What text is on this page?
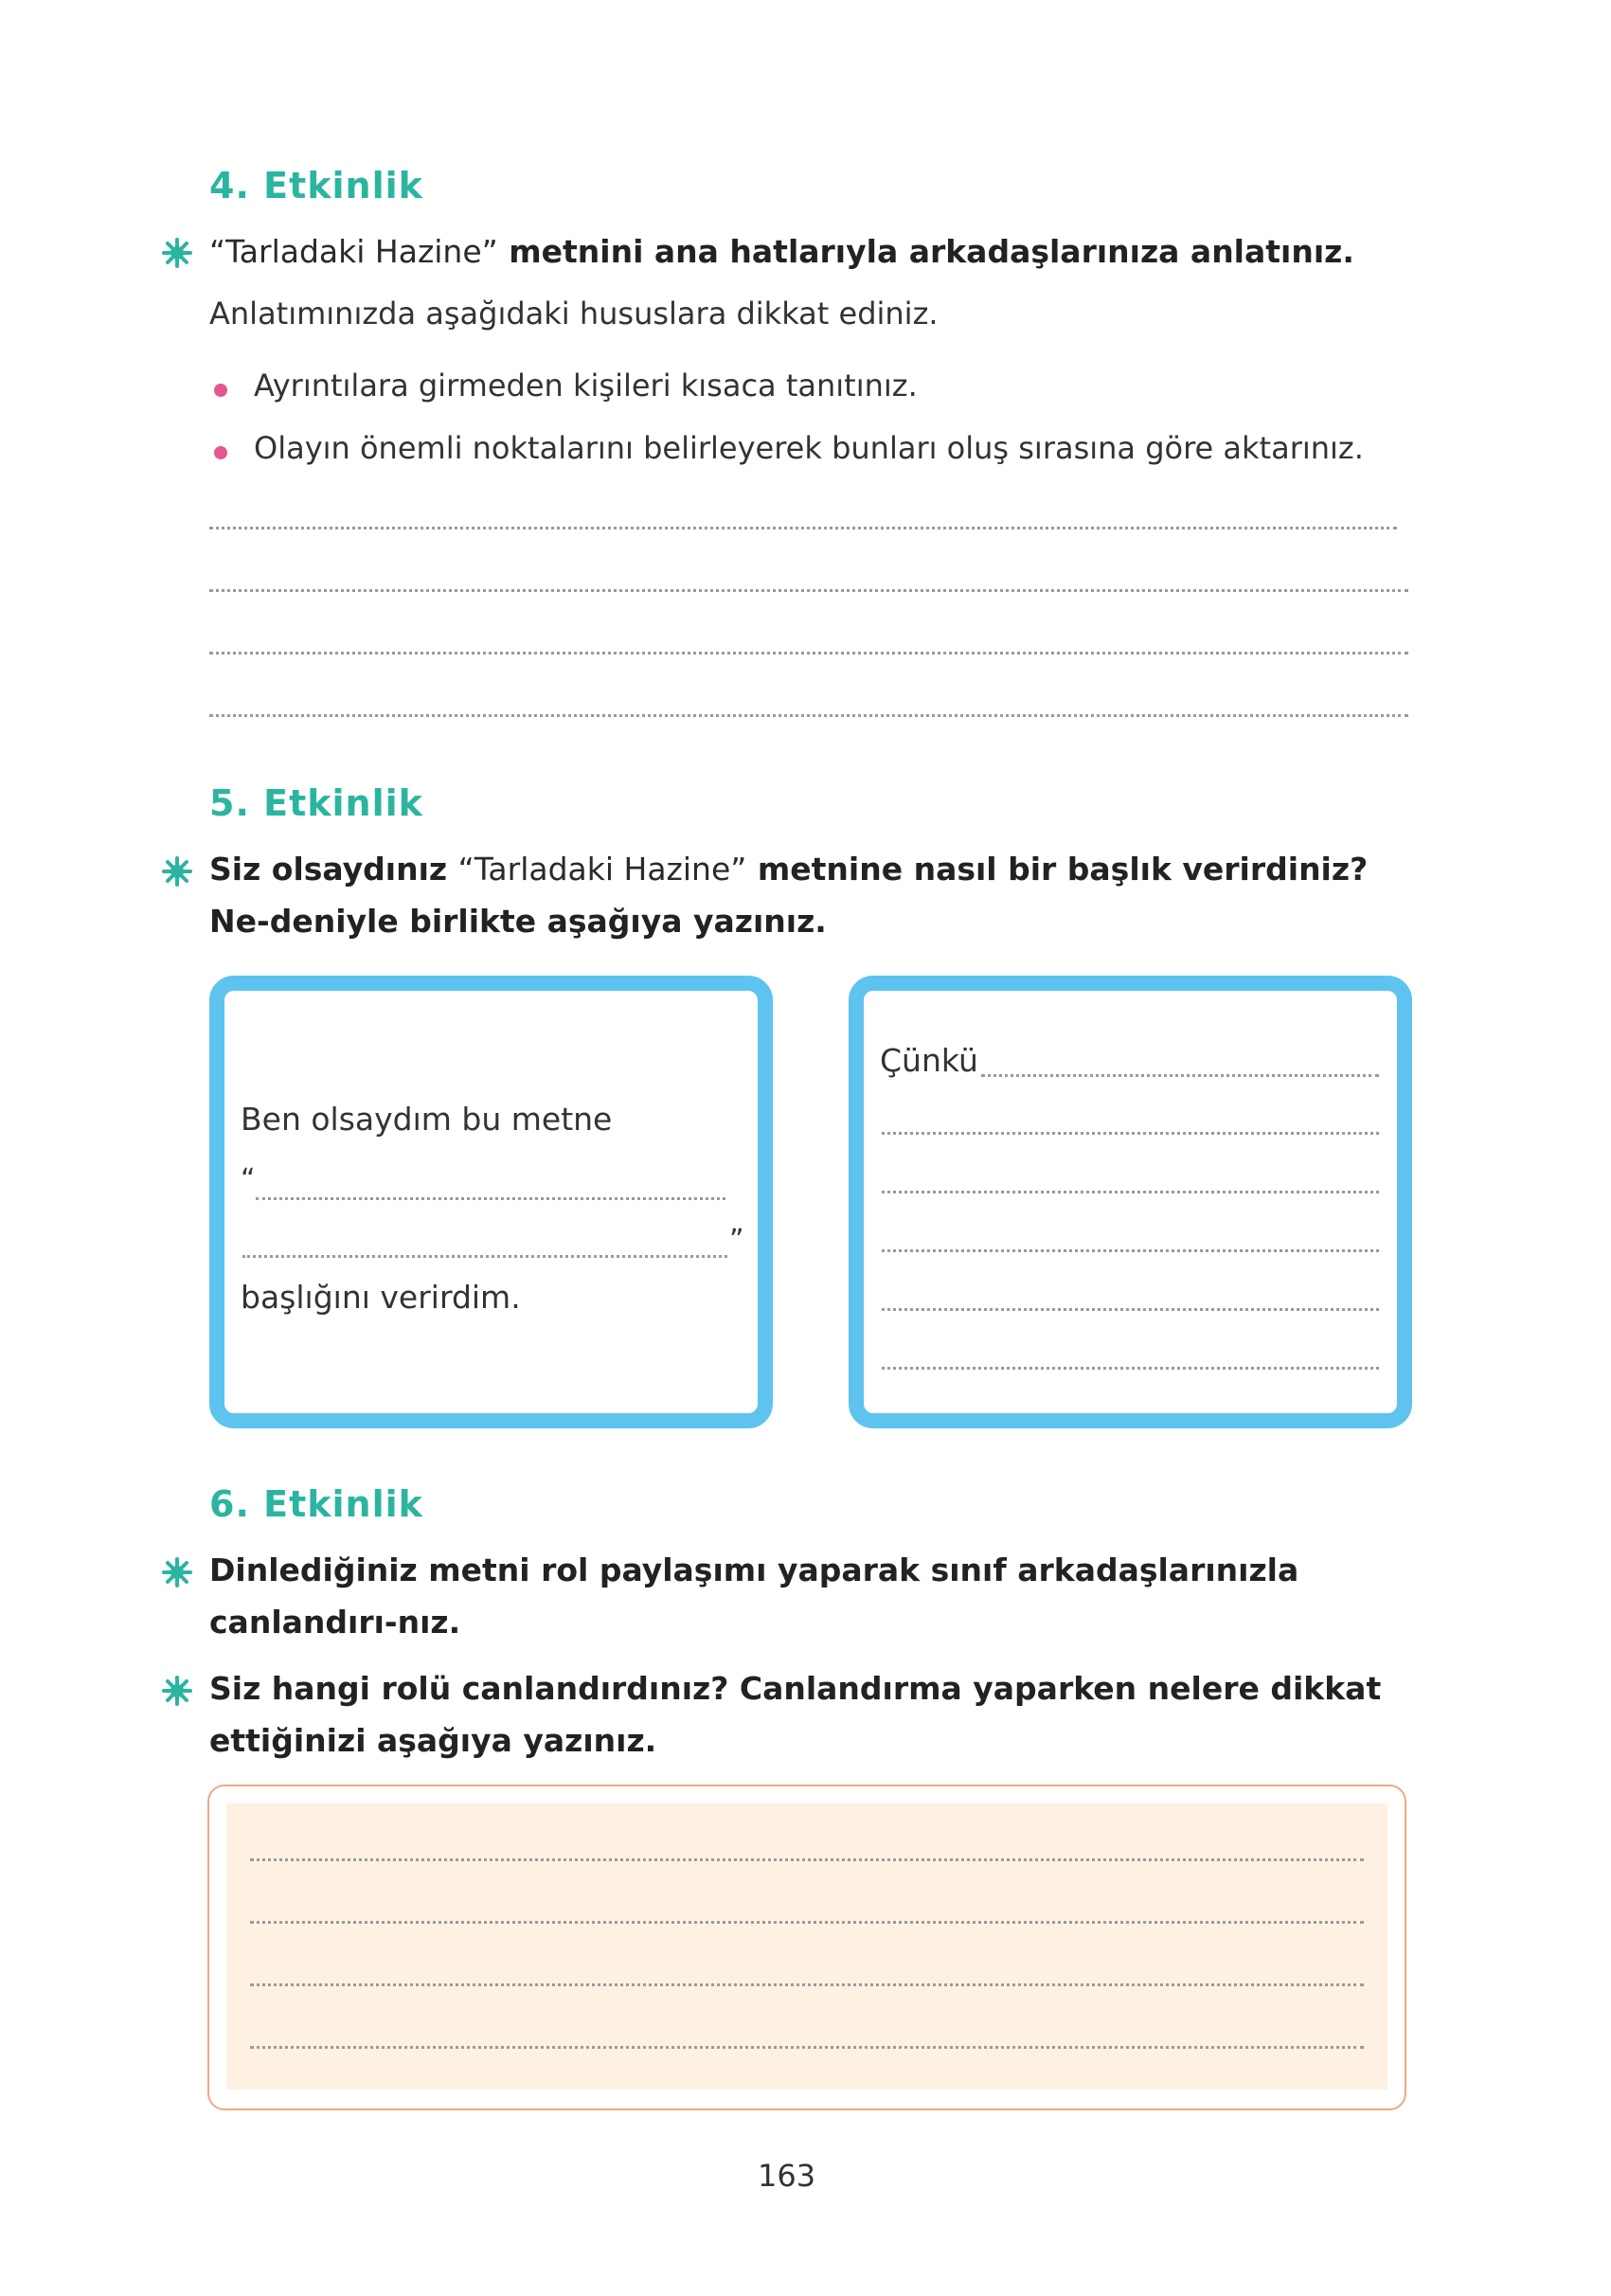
4. Etkinlik
“Tarladaki Hazine” metnini ana hatlarıyla arkadaşlarınıza anlatınız.
Anlatımınızda aşağıdaki hususlara dikkat ediniz.
Ayrıntılara girmeden kişileri kısaca tanıtınız.
Olayın önemli noktalarını belirleyerek bunları oluş sırasına göre aktarınız.
5. Etkinlik
Siz olsaydınız “Tarladaki Hazine” metnine nasıl bir başlık verirdiniz? Ne-deniyle birlikte aşağıya yazınız.
Ben olsaydım bu metne
“
”
başlığını verirdim.
Çünkü
6. Etkinlik
Dinlediğiniz metni rol paylaşımı yaparak sınıf arkadaşlarınızla canlandırı-nız.
Siz hangi rolü canlandırdınız? Canlandırma yaparken nelere dikkat ettiğinizi aşağıya yazınız.
163
